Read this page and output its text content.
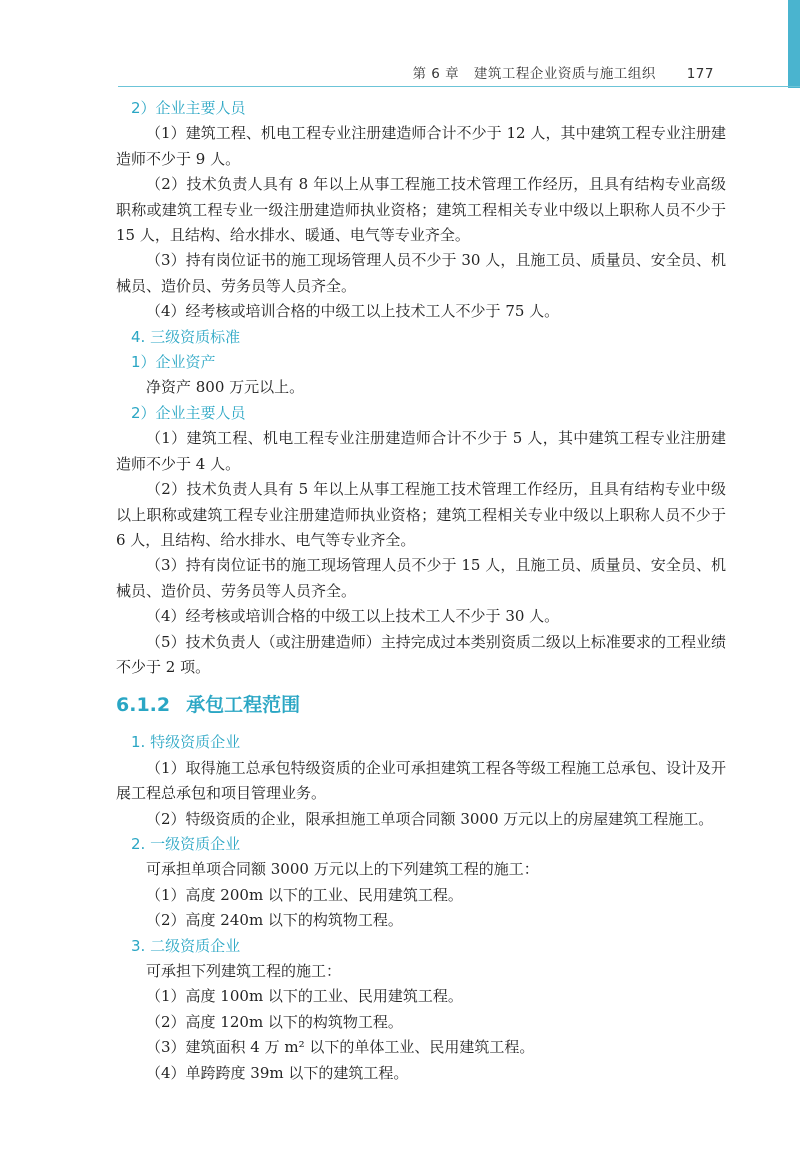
第 6 章 建筑工程企业资质与施工组织 177
2）企业主要人员

（1）建筑工程、机电工程专业注册建造师合计不少于 12 人，其中建筑工程专业注册建造师不少于 9 人。

（2）技术负责人具有 8 年以上从事工程施工技术管理工作经历，且具有结构专业高级职称或建筑工程专业一级注册建造师执业资格；建筑工程相关专业中级以上职称人员不少于 15 人，且结构、给水排水、暖通、电气等专业齐全。

（3）持有岗位证书的施工现场管理人员不少于 30 人，且施工员、质量员、安全员、机械员、造价员、劳务员等人员齐全。

（4）经考核或培训合格的中级工以上技术工人不少于 75 人。

4. 三级资质标准
1）企业资产

净资产 800 万元以上。

2）企业主要人员

（1）建筑工程、机电工程专业注册建造师合计不少于 5 人，其中建筑工程专业注册建造师不少于 4 人。

（2）技术负责人具有 5 年以上从事工程施工技术管理工作经历，且具有结构专业中级以上职称或建筑工程专业注册建造师执业资格；建筑工程相关专业中级以上职称人员不少于 6 人，且结构、给水排水、电气等专业齐全。

（3）持有岗位证书的施工现场管理人员不少于 15 人，且施工员、质量员、安全员、机械员、造价员、劳务员等人员齐全。

（4）经考核或培训合格的中级工以上技术工人不少于 30 人。

（5）技术负责人（或注册建造师）主持完成过本类别资质二级以上标准要求的工程业绩不少于 2 项。

6.1.2 承包工程范围
1. 特级资质企业

（1）取得施工总承包特级资质的企业可承担建筑工程各等级工程施工总承包、设计及开展工程总承包和项目管理业务。

（2）特级资质的企业，限承担施工单项合同额 3000 万元以上的房屋建筑工程施工。

2. 一级资质企业

可承担单项合同额 3000 万元以上的下列建筑工程的施工：

（1）高度 200m 以下的工业、民用建筑工程。

（2）高度 240m 以下的构筑物工程。

3. 二级资质企业

可承担下列建筑工程的施工：

（1）高度 100m 以下的工业、民用建筑工程。

（2）高度 120m 以下的构筑物工程。

（3）建筑面积 4 万 m² 以下的单体工业、民用建筑工程。

（4）单跨跨度 39m 以下的建筑工程。
